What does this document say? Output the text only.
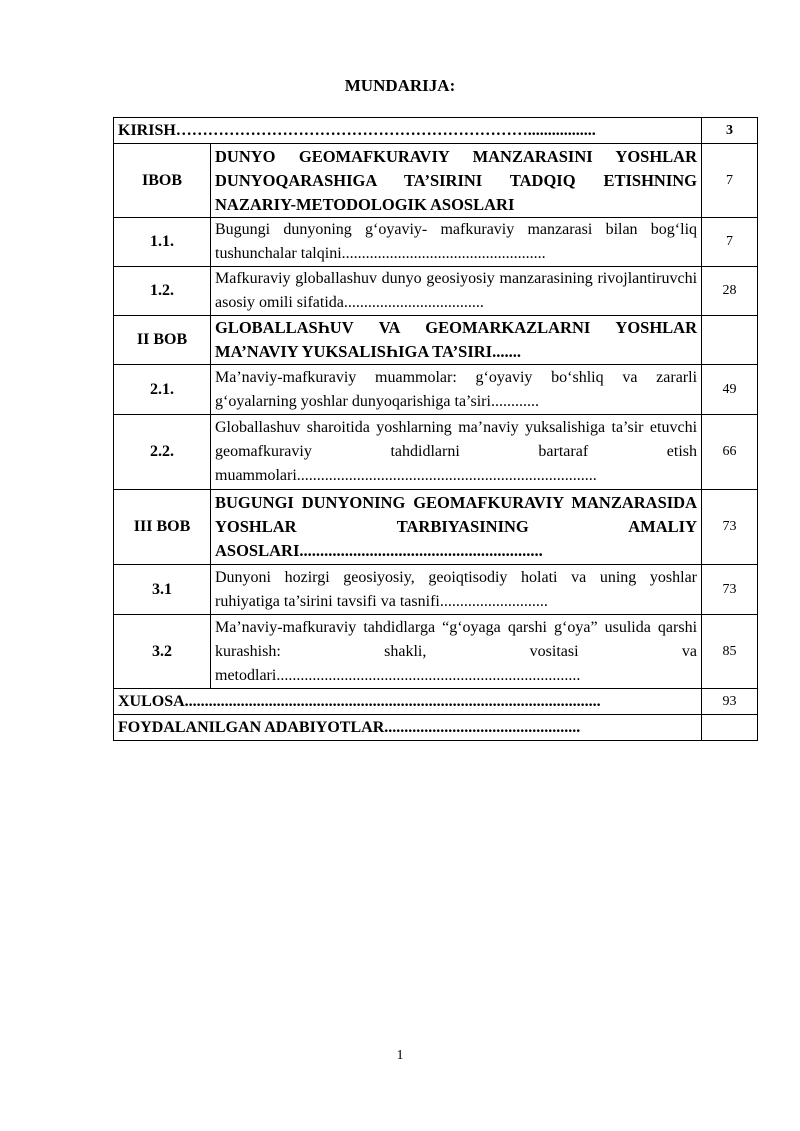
MUNDARIJA:
KIRISH………………………………………………………….................		3
IBOB	DUNYO GEOMAFKURAVIY MANZARASINI YOSHLAR DUNYOQARASHIGA TA’SIRINI TADQIQ ETISHNING NAZARIY-METODOLOGIK ASOSLARI	7
1.1.	Bugungi dunyoning g‘oyaviy- mafkuraviy manzarasi bilan bog‘liq tushunchalar talqini...................................................	7
1.2.	Mafkuraviy globallashuv dunyo geosiyosiy manzarasining rivojlantiruvchi asosiy omili sifatida...................................	28
II BOB	GLOBALLASҺUV VA GEOMARKAZLARNI YOSHLAR MA’NAVIY YUKSALISҺIGA TA’SIRI.......	
2.1.	Ma’naviy-mafkuraviy muammolar: g‘oyaviy bo‘shliq va zararli g‘oyalarning yoshlar dunyoqarishiga ta’siri............	49
2.2.	Globallashuv sharoitida yoshlarning ma’naviy yuksalishiga ta’sir etuvchi geomafkuraviy tahdidlarni bartaraf etish muammolari...........................................................................	66
III BOB	BUGUNGI DUNYONING GEOMAFKURAVIY MANZARASIDA YOSHLAR TARBIYASINING AMALIY ASOSLARI...........................................................	73
3.1	Dunyoni hozirgi geosiyosiy, geoiqtisodiy holati va uning yoshlar ruhiyatiga ta’sirini tavsifi va tasnifi...........................	73
3.2	Ma’naviy-mafkuraviy tahdidlarga “g‘oyaga qarshi g‘oya” usulida qarshi kurashish: shakli, vositasi va metodlari............................................................................	85
XULOSA........................................................................................................		93
FOYDALANILGAN ADABIYOTLAR.................................................		
1
